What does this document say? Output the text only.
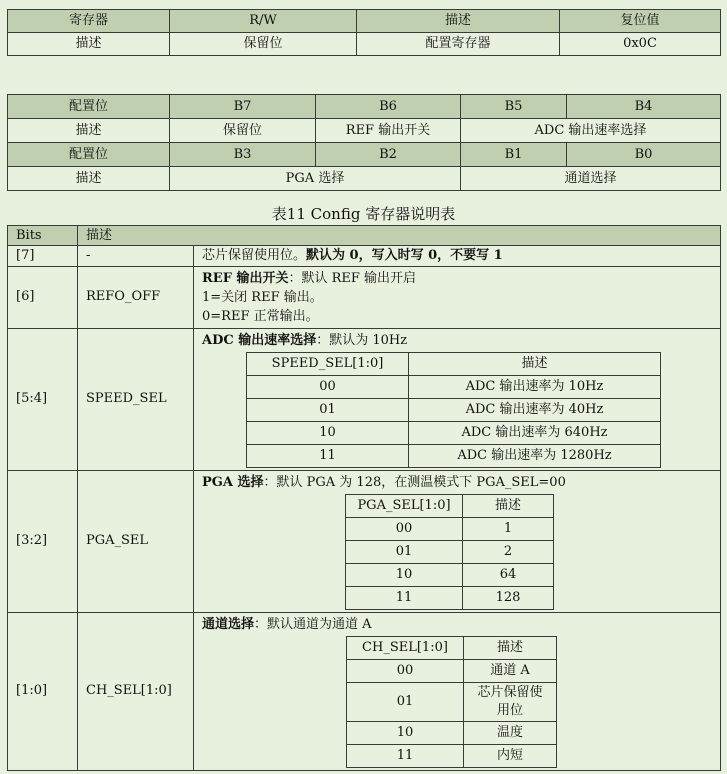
寄存器	R/W	描述	复位值
描述	保留位	配置寄存器	0x0C
配置位	B7	B6	B5	B4
描述	保留位	REF 输出开关	ADC 输出速率选择	
配置位	B3	B2	B1	B0
描述	PGA 选择		通道选择	
表11 Config 寄存器说明表
Bits	描述
[7]	-	芯片保留使用位。默认为 0，写入时写 0，不要写 1
[6]	REFO_OFF	
REF 输出开关：默认 REF 输出开启
1=关闭 REF 输出。
0=REF 正常输出。

[5:4]	SPEED_SEL	
ADC 输出速率选择：默认为 10Hz
SPEED_SEL[1:0]	描述
00	ADC 输出速率为 10Hz
01	ADC 输出速率为 40Hz
10	ADC 输出速率为 640Hz
11	ADC 输出速率为 1280Hz

[3:2]	PGA_SEL	
PGA 选择：默认 PGA 为 128，在测温模式下 PGA_SEL=00
PGA_SEL[1:0]	描述
00	1
01	2
10	64
11	128

[1:0]	CH_SEL[1:0]	
通道选择：默认通道为通道 A
CH_SEL[1:0]	描述
00	通道 A
01	芯片保留使用位
10	温度
11	内短
